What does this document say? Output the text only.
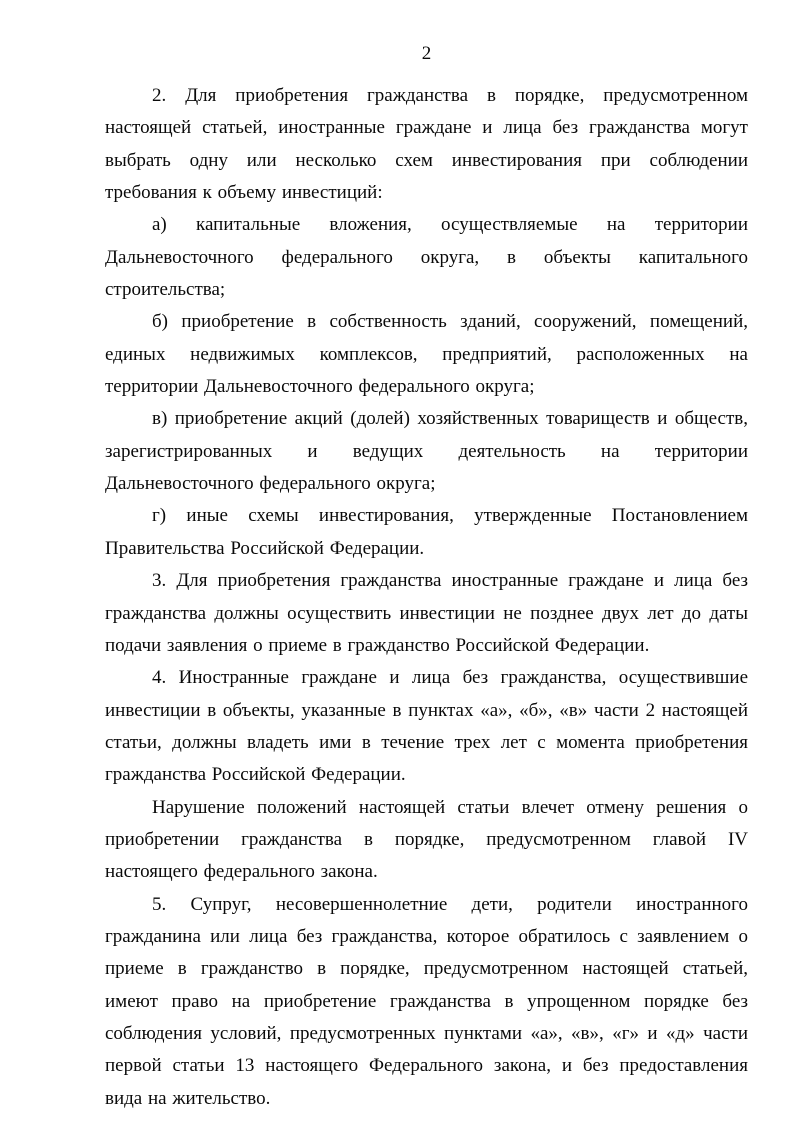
2

2. Для приобретения гражданства в порядке, предусмотренном настоящей статьей, иностранные граждане и лица без гражданства могут выбрать одну или несколько схем инвестирования при соблюдении требования к объему инвестиций:

а) капитальные вложения, осуществляемые на территории Дальневосточного федерального округа, в объекты капитального строительства;

б) приобретение в собственность зданий, сооружений, помещений, единых недвижимых комплексов, предприятий, расположенных на территории Дальневосточного федерального округа;

в) приобретение акций (долей) хозяйственных товариществ и обществ, зарегистрированных и ведущих деятельность на территории Дальневосточного федерального округа;

г) иные схемы инвестирования, утвержденные Постановлением Правительства Российской Федерации.

3. Для приобретения гражданства иностранные граждане и лица без гражданства должны осуществить инвестиции не позднее двух лет до даты подачи заявления о приеме в гражданство Российской Федерации.

4. Иностранные граждане и лица без гражданства, осуществившие инвестиции в объекты, указанные в пунктах «а», «б», «в» части 2 настоящей статьи, должны владеть ими в течение трех лет с момента приобретения гражданства Российской Федерации.

Нарушение положений настоящей статьи влечет отмену решения о приобретении гражданства в порядке, предусмотренном главой IV настоящего федерального закона.

5. Супруг, несовершеннолетние дети, родители иностранного гражданина или лица без гражданства, которое обратилось с заявлением о приеме в гражданство в порядке, предусмотренном настоящей статьей, имеют право на приобретение гражданства в упрощенном порядке без соблюдения условий, предусмотренных пунктами «а», «в», «г» и «д» части первой статьи 13 настоящего Федерального закона, и без предоставления вида на жительство.
